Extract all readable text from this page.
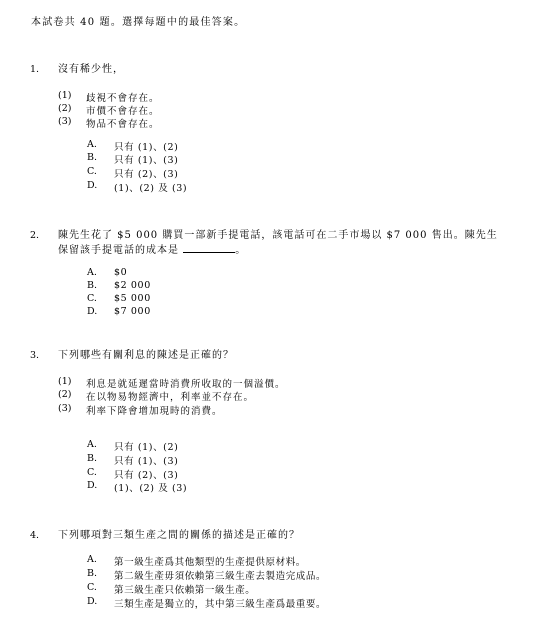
本試卷共 40 題。選擇每題中的最佳答案。
1. 沒有稀少性，
(1) 歧視不會存在。
(2) 市價不會存在。
(3) 物品不會存在。
A. 只有 (1)、(2)
B. 只有 (1)、(3)
C. 只有 (2)、(3)
D. (1)、(2) 及 (3)
2. 陳先生花了 $5 000 購買一部新手提電話，該電話可在二手市場以 $7 000 售出。陳先生保留該手提電話的成本是	。
A. $0
B. $2 000
C. $5 000
D. $7 000
3. 下列哪些有關利息的陳述是正確的？
(1) 利息是就延遲當時消費所收取的一個溢價。
(2) 在以物易物經濟中，利率並不存在。
(3) 利率下降會增加現時的消費。
A. 只有 (1)、(2)
B. 只有 (1)、(3)
C. 只有 (2)、(3)
D. (1)、(2) 及 (3)
4. 下列哪項對三類生產之間的關係的描述是正確的？
A. 第一級生產爲其他類型的生產提供原材料。
B. 第二級生產毋須依賴第三級生產去製造完成品。
C. 第三級生產只依賴第一級生產。
D. 三類生產是獨立的，其中第三級生產爲最重要。
